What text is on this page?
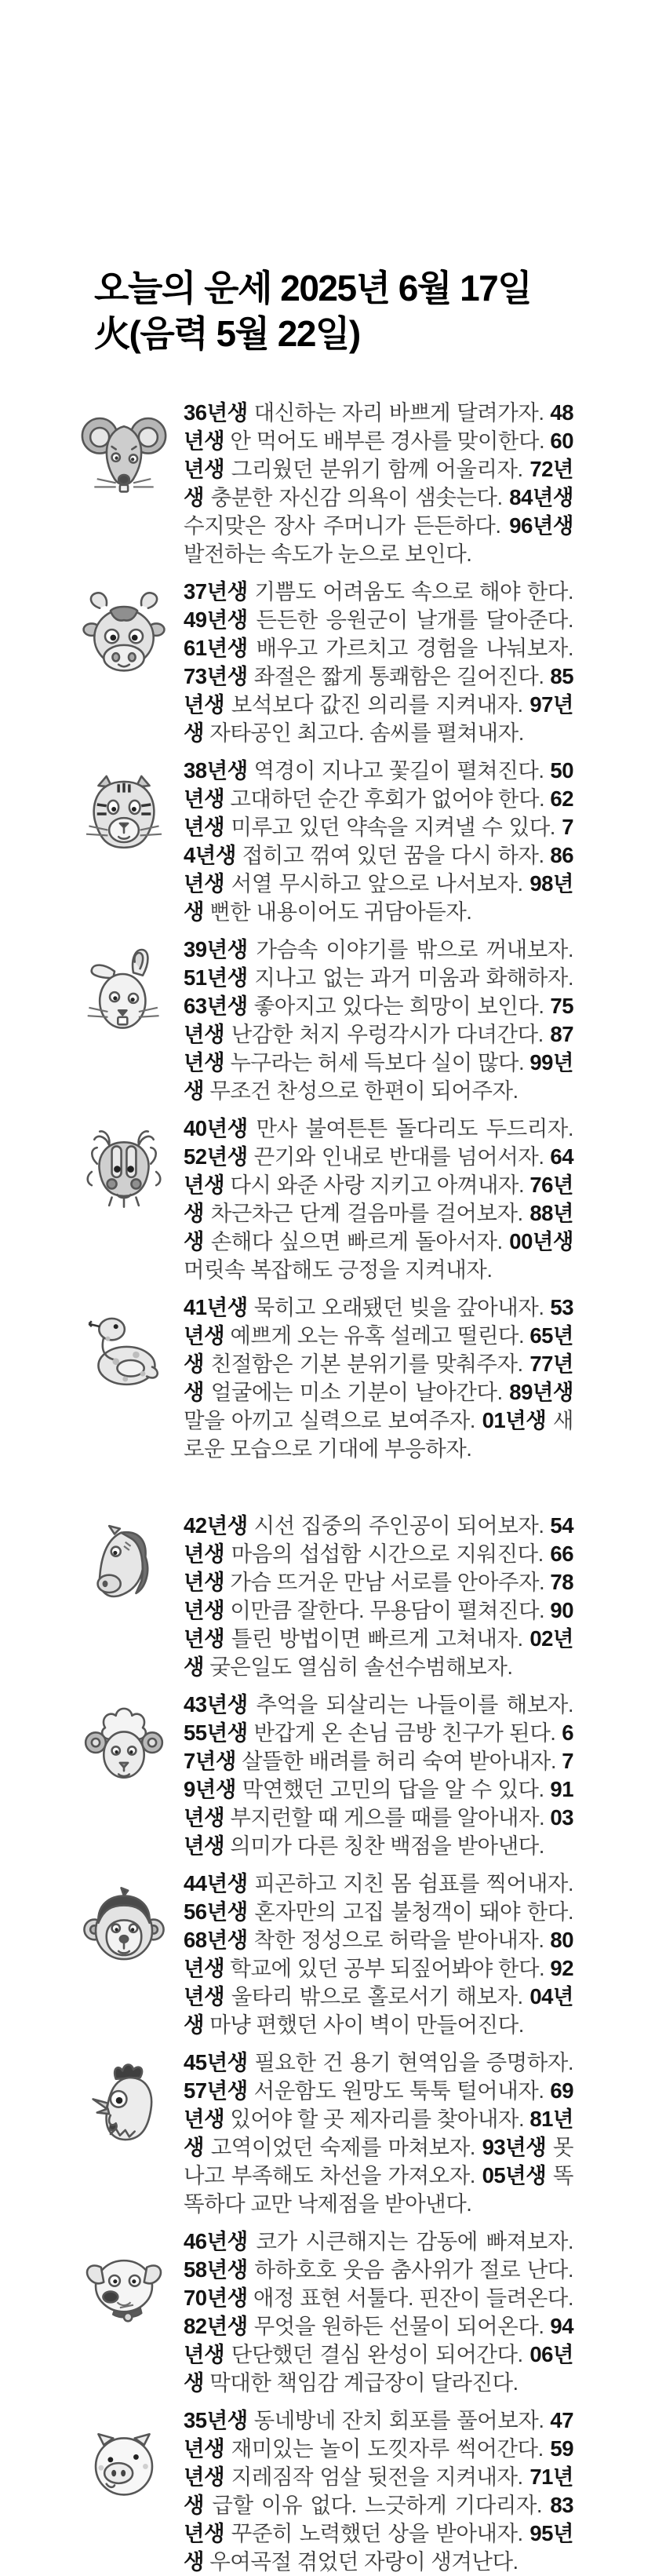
오늘의 운세 2025년 6월 17일
火(음력 5월 22일)

36년생 대신하는 자리 바쁘게 달려가자. 48년생 안 먹어도 배부른 경사를 맞이한다. 60년생 그리웠던 분위기 함께 어울리자. 72년생 충분한 자신감 의욕이 샘솟는다. 84년생 수지맞은 장사 주머니가 든든하다. 96년생 발전하는 속도가 눈으로 보인다.

37년생 기쁨도 어려움도 속으로 해야 한다. 49년생 든든한 응원군이 날개를 달아준다. 61년생 배우고 가르치고 경험을 나눠보자. 73년생 좌절은 짧게 통쾌함은 길어진다. 85년생 보석보다 값진 의리를 지켜내자. 97년생 자타공인 최고다. 솜씨를 펼쳐내자.

38년생 역경이 지나고 꽃길이 펼쳐진다. 50년생 고대하던 순간 후회가 없어야 한다. 62년생 미루고 있던 약속을 지켜낼 수 있다. 74년생 접히고 꺾여 있던 꿈을 다시 하자. 86년생 서열 무시하고 앞으로 나서보자. 98년생 뻔한 내용이어도 귀담아듣자.

39년생 가슴속 이야기를 밖으로 꺼내보자. 51년생 지나고 없는 과거 미움과 화해하자. 63년생 좋아지고 있다는 희망이 보인다. 75년생 난감한 처지 우렁각시가 다녀간다. 87년생 누구라는 허세 득보다 실이 많다. 99년생 무조건 찬성으로 한편이 되어주자.

40년생 만사 불여튼튼 돌다리도 두드리자. 52년생 끈기와 인내로 반대를 넘어서자. 64년생 다시 와준 사랑 지키고 아껴내자. 76년생 차근차근 단계 걸음마를 걸어보자. 88년생 손해다 싶으면 빠르게 돌아서자. 00년생 머릿속 복잡해도 긍정을 지켜내자.

41년생 묵히고 오래됐던 빚을 갚아내자. 53년생 예쁘게 오는 유혹 설레고 떨린다. 65년생 친절함은 기본 분위기를 맞춰주자. 77년생 얼굴에는 미소 기분이 날아간다. 89년생 말을 아끼고 실력으로 보여주자. 01년생 새로운 모습으로 기대에 부응하자.

42년생 시선 집중의 주인공이 되어보자. 54년생 마음의 섭섭함 시간으로 지워진다. 66년생 가슴 뜨거운 만남 서로를 안아주자. 78년생 이만큼 잘한다. 무용담이 펼쳐진다. 90년생 틀린 방법이면 빠르게 고쳐내자. 02년생 궂은일도 열심히 솔선수범해보자.

43년생 추억을 되살리는 나들이를 해보자. 55년생 반갑게 온 손님 금방 친구가 된다. 67년생 살뜰한 배려를 허리 숙여 받아내자. 79년생 막연했던 고민의 답을 알 수 있다. 91년생 부지런할 때 게으를 때를 알아내자. 03년생 의미가 다른 칭찬 백점을 받아낸다.

44년생 피곤하고 지친 몸 쉼표를 찍어내자. 56년생 혼자만의 고집 불청객이 돼야 한다. 68년생 착한 정성으로 허락을 받아내자. 80년생 학교에 있던 공부 되짚어봐야 한다. 92년생 울타리 밖으로 홀로서기 해보자. 04년생 마냥 편했던 사이 벽이 만들어진다.

45년생 필요한 건 용기 현역임을 증명하자. 57년생 서운함도 원망도 툭툭 털어내자. 69년생 있어야 할 곳 제자리를 찾아내자. 81년생 고역이었던 숙제를 마쳐보자. 93년생 못나고 부족해도 차선을 가져오자. 05년생 똑똑하다 교만 낙제점을 받아낸다.

46년생 코가 시큰해지는 감동에 빠져보자. 58년생 하하호호 웃음 춤사위가 절로 난다. 70년생 애정 표현 서툴다. 핀잔이 들려온다. 82년생 무엇을 원하든 선물이 되어온다. 94년생 단단했던 결심 완성이 되어간다. 06년생 막대한 책임감 계급장이 달라진다.

35년생 동네방네 잔치 회포를 풀어보자. 47년생 재미있는 놀이 도낏자루 썩어간다. 59년생 지레짐작 엄살 뒷전을 지켜내자. 71년생 급할 이유 없다. 느긋하게 기다리자. 83년생 꾸준히 노력했던 상을 받아내자. 95년생 우여곡절 겪었던 자랑이 생겨난다.
